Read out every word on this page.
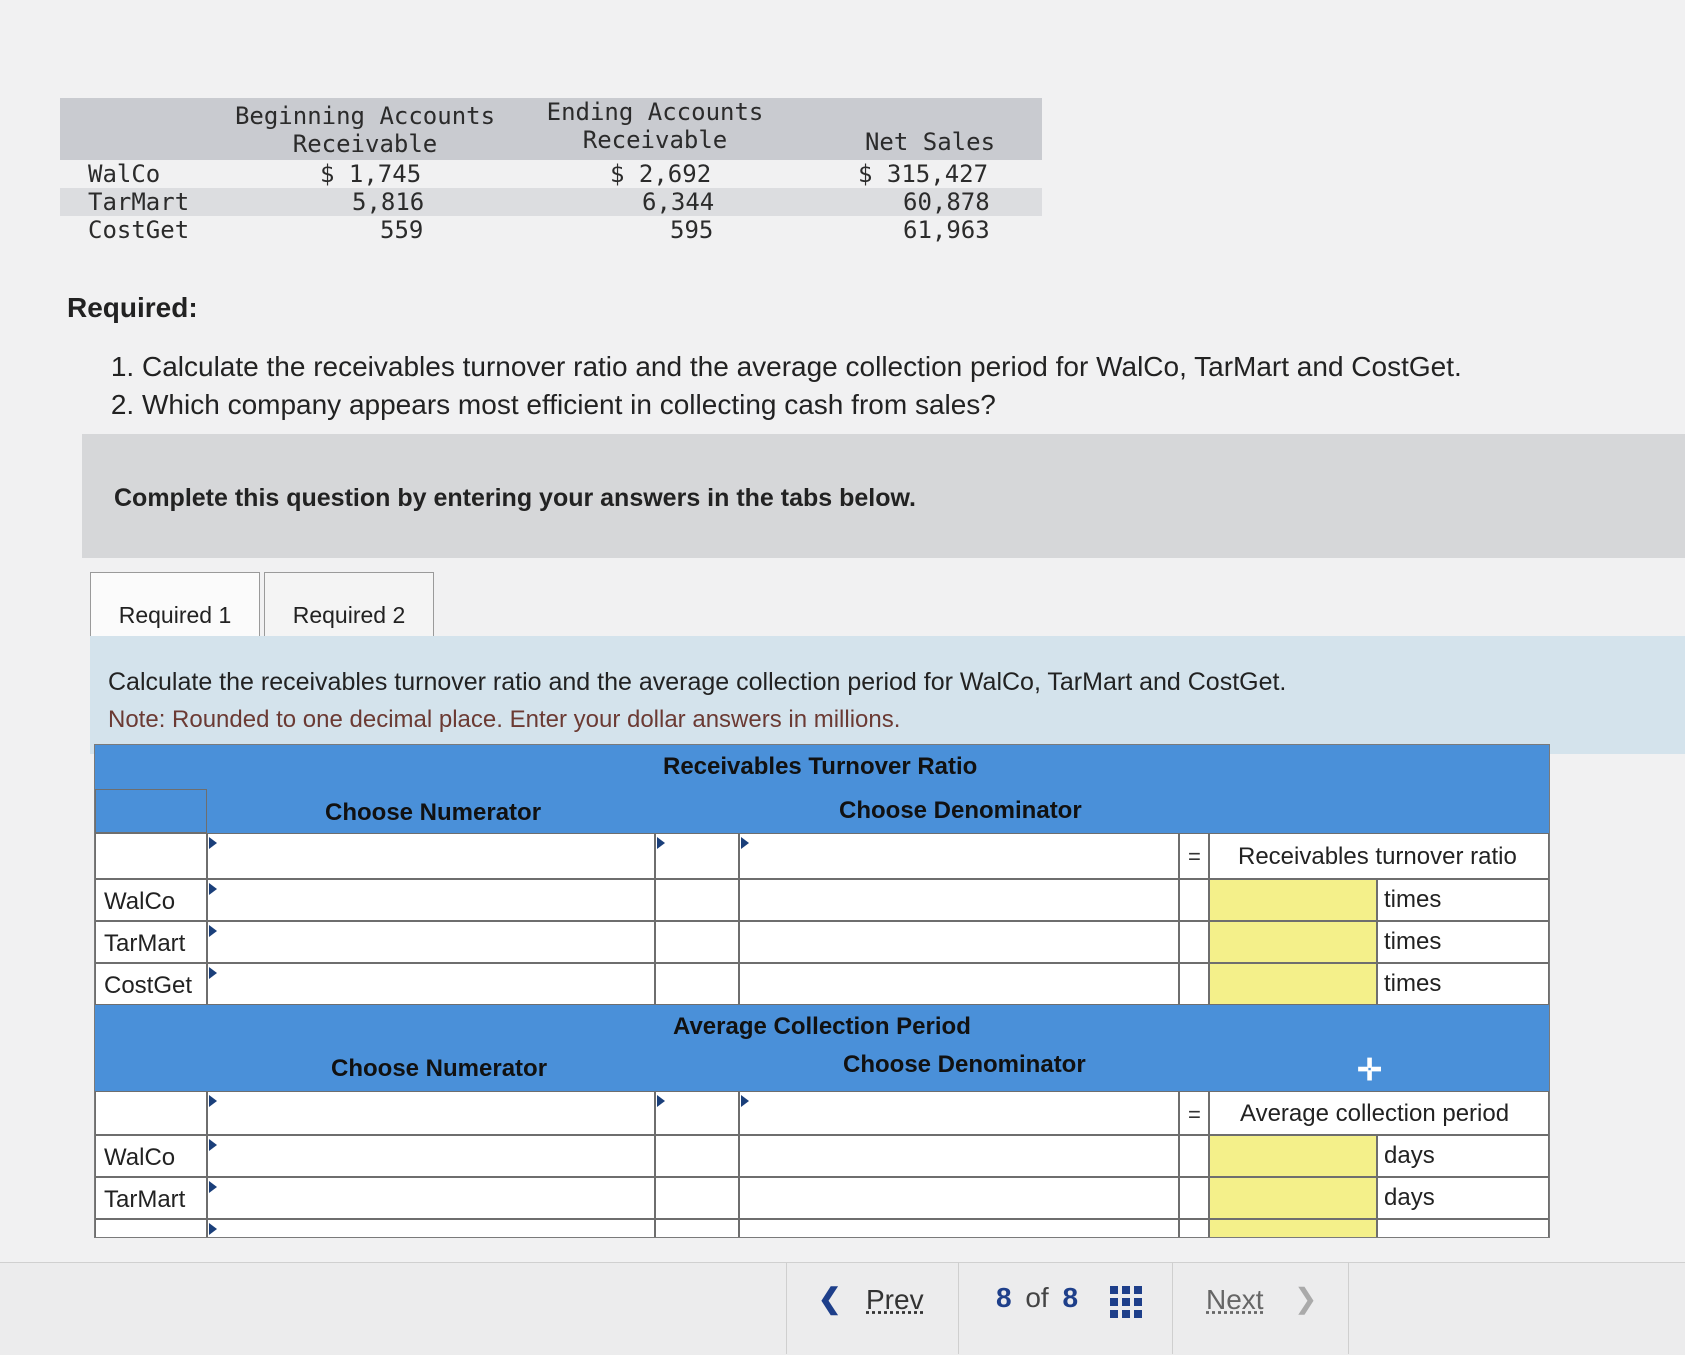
Beginning Accounts
Receivable
Ending Accounts
Receivable	Net Sales
WalCo	$ 1,745	$ 2,692	$ 315,427
TarMart	5,816	6,344	60,878
CostGet	559	595	61,963
Required:
1. Calculate the receivables turnover ratio and the average collection period for WalCo, TarMart and CostGet.
2. Which company appears most efficient in collecting cash from sales?
Complete this question by entering your answers in the tabs below.
Required 1	Required 2
Calculate the receivables turnover ratio and the average collection period for WalCo, TarMart and CostGet.
Note: Rounded to one decimal place. Enter your dollar answers in millions.
Receivables Turnover Ratio
Choose Numerator	Choose Denominator
= Receivables turnover ratio
WalCo	times
TarMart	times
CostGet	times
Average Collection Period
Choose Numerator	Choose Denominator	✛
= Average collection period
WalCo	days
TarMart	days
❮ Prev	8 of 8	Next ❯
